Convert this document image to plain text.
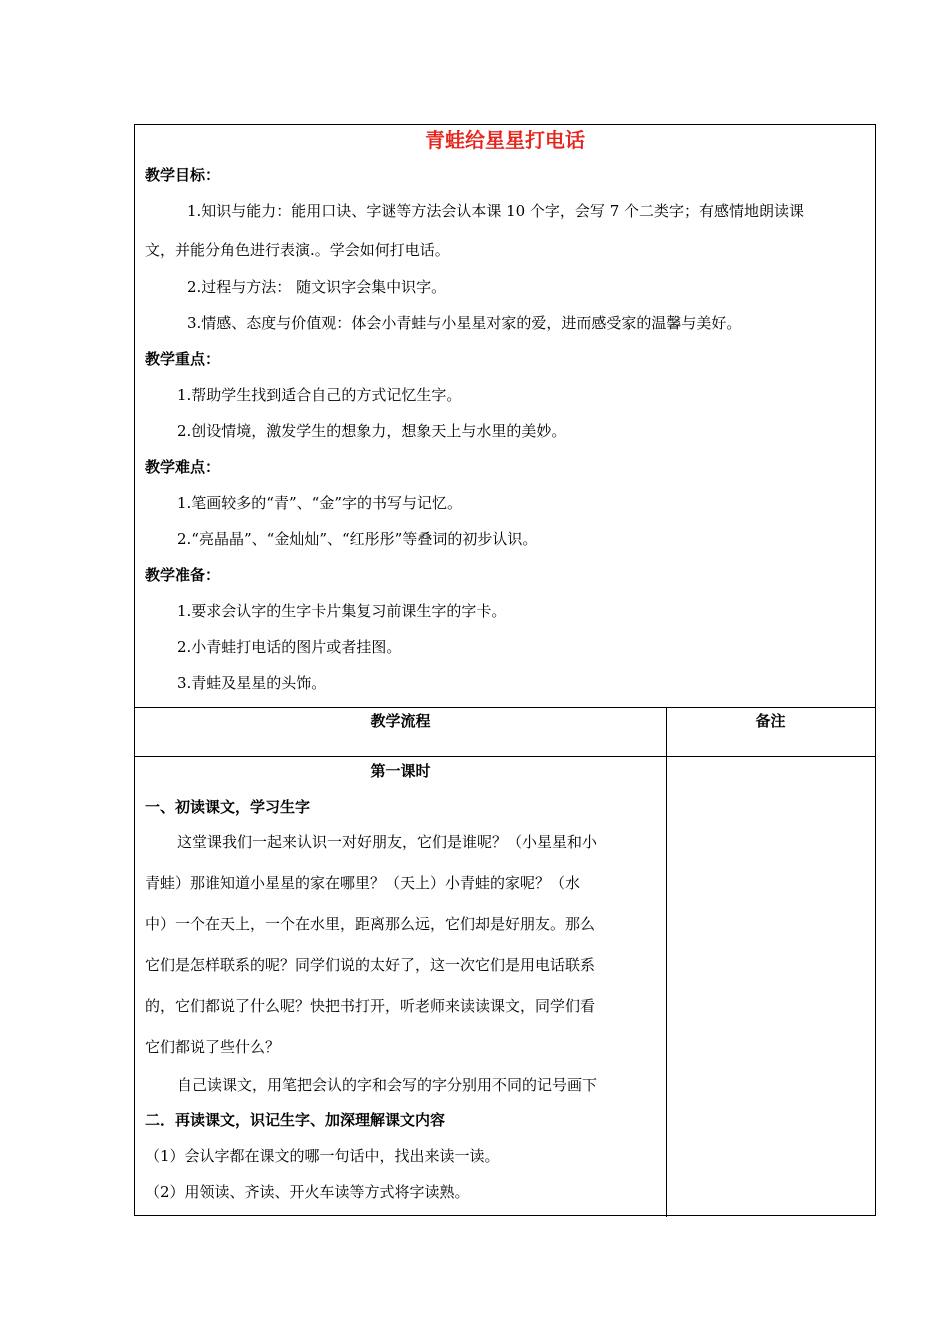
青蛙给星星打电话
教学目标：
1.知识与能力：能用口诀、字谜等方法会认本课 10 个字，会写 7 个二类字；有感情地朗读课
文，并能分角色进行表演.。学会如何打电话。
2.过程与方法： 随文识字会集中识字。
3.情感、态度与价值观：体会小青蛙与小星星对家的爱，进而感受家的温馨与美好。
教学重点：
1.帮助学生找到适合自己的方式记忆生字。
2.创设情境，激发学生的想象力，想象天上与水里的美妙。
教学难点：
1.笔画较多的“青”、“金”字的书写与记忆。
2.“亮晶晶”、“金灿灿”、“红彤彤”等叠词的初步认识。
教学准备：
1.要求会认字的生字卡片集复习前课生字的字卡。
2.小青蛙打电话的图片或者挂图。
3.青蛙及星星的头饰。
教学流程	备注
第一课时
一、初读课文，学习生字
这堂课我们一起来认识一对好朋友，它们是谁呢？（小星星和小
青蛙）那谁知道小星星的家在哪里？（天上）小青蛙的家呢？（水
中）一个在天上，一个在水里，距离那么远，它们却是好朋友。那么
它们是怎样联系的呢？同学们说的太好了，这一次它们是用电话联系
的，它们都说了什么呢？快把书打开，听老师来读读课文，同学们看
它们都说了些什么？
自己读课文，用笔把会认的字和会写的字分别用不同的记号画下
二．再读课文，识记生字、加深理解课文内容
（1）会认字都在课文的哪一句话中，找出来读一读。
（2）用领读、齐读、开火车读等方式将字读熟。
